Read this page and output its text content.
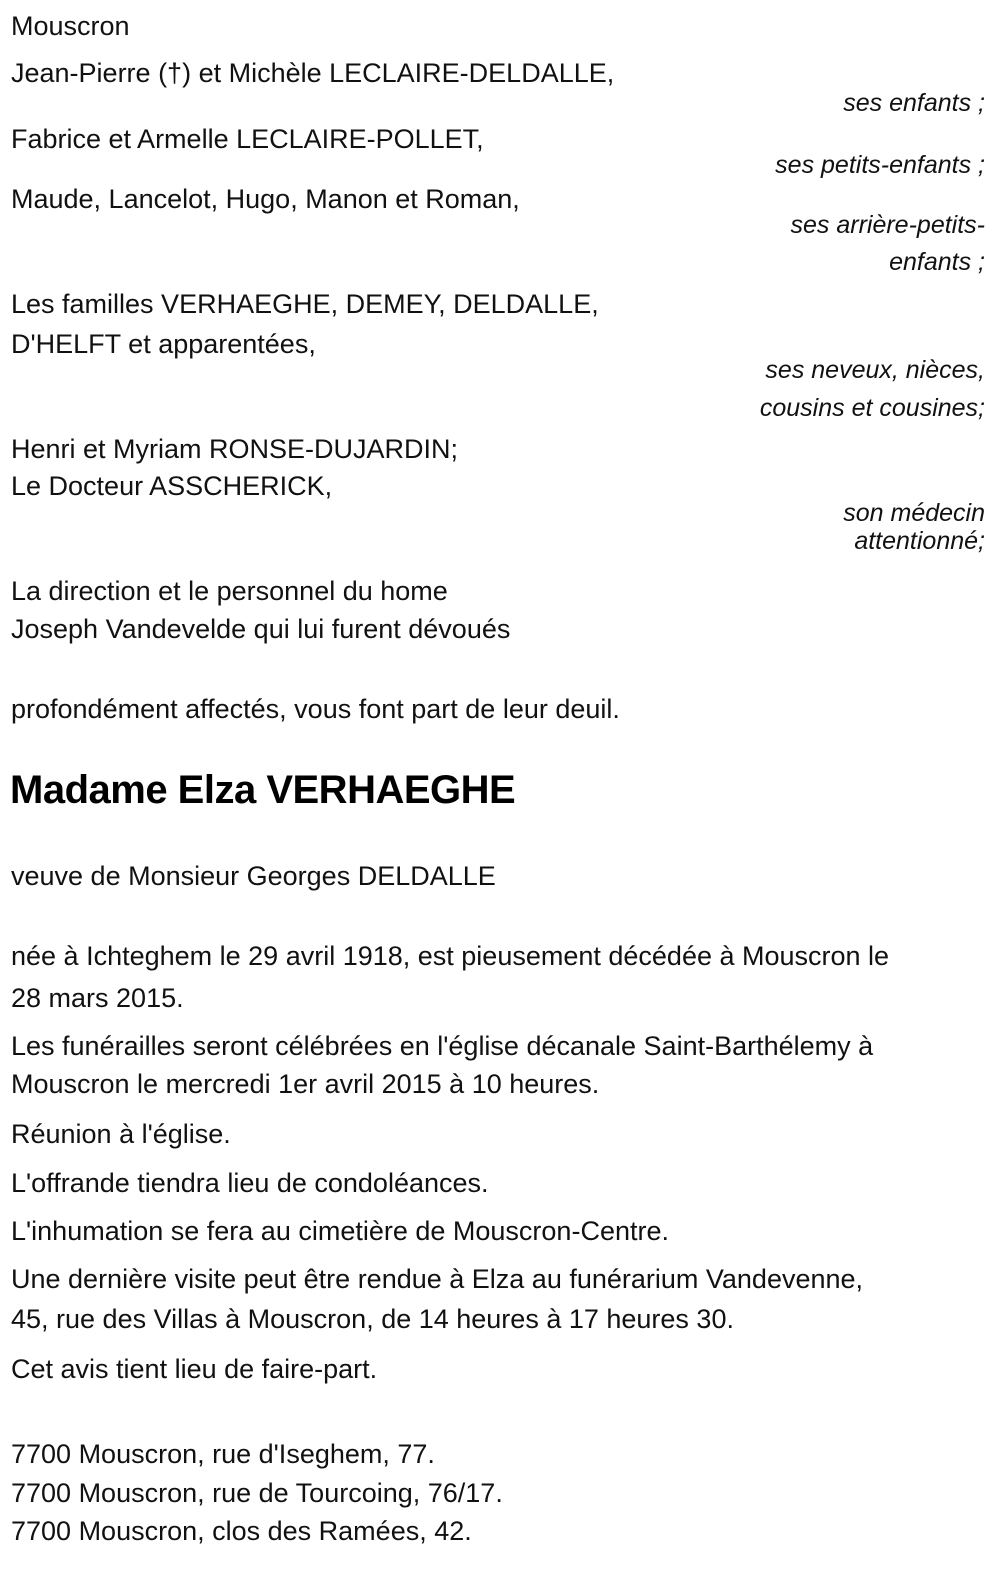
Mouscron
Jean-Pierre (†) et Michèle LECLAIRE-DELDALLE,
ses enfants ;
Fabrice et Armelle LECLAIRE-POLLET,
ses petits-enfants ;
Maude, Lancelot, Hugo, Manon et Roman,
ses arrière-petits-
enfants ;
Les familles VERHAEGHE, DEMEY, DELDALLE,
D'HELFT et apparentées,
ses neveux, nièces,
cousins et cousines;
Henri et Myriam RONSE-DUJARDIN;
Le Docteur ASSCHERICK,
son médecin
attentionné;
La direction et le personnel du home
Joseph Vandevelde qui lui furent dévoués
profondément affectés, vous font part de leur deuil.
Madame Elza VERHAEGHE
veuve de Monsieur Georges DELDALLE
née à Ichteghem le 29 avril 1918, est pieusement décédée à Mouscron le
28 mars 2015.
Les funérailles seront célébrées en l'église décanale Saint-Barthélemy à
Mouscron le mercredi 1er avril 2015 à 10 heures.
Réunion à l'église.
L'offrande tiendra lieu de condoléances.
L'inhumation se fera au cimetière de Mouscron-Centre.
Une dernière visite peut être rendue à Elza au funérarium Vandevenne,
45, rue des Villas à Mouscron, de 14 heures à 17 heures 30.
Cet avis tient lieu de faire-part.
7700 Mouscron, rue d'Iseghem, 77.
7700 Mouscron, rue de Tourcoing, 76/17.
7700 Mouscron, clos des Ramées, 42.
